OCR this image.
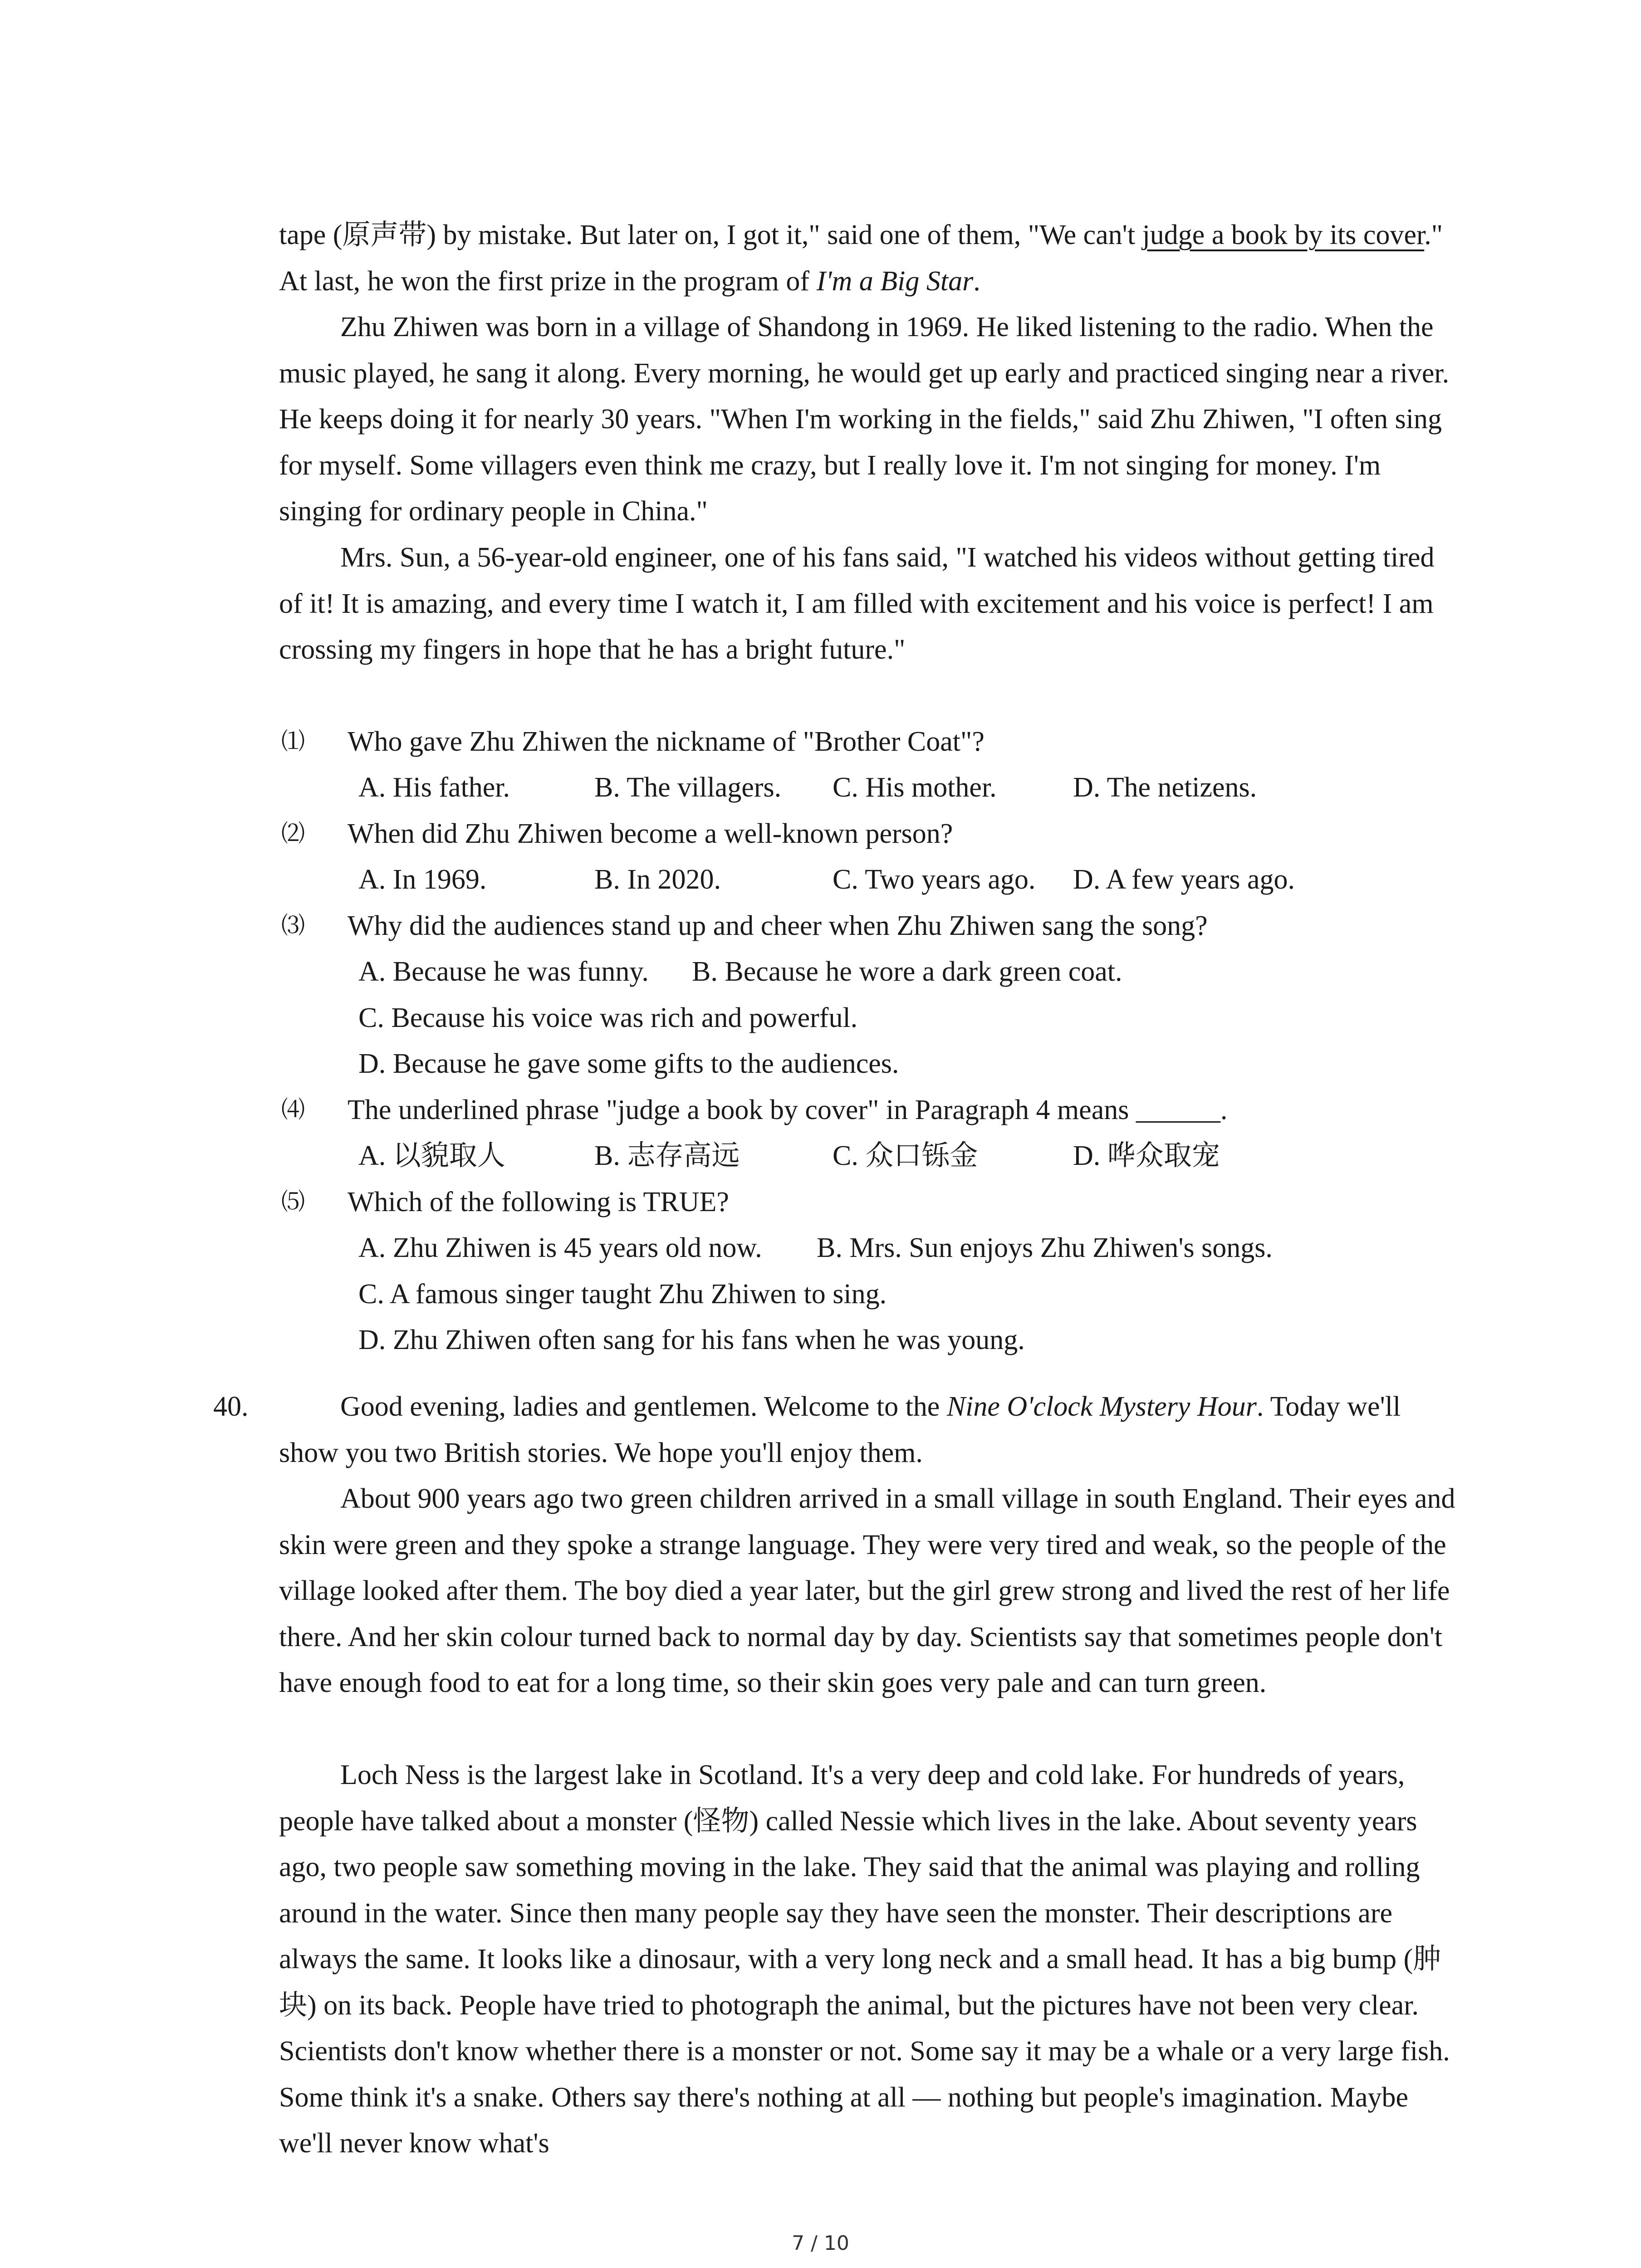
tape (原声带) by mistake. But later on, I got it," said one of them, "We can't judge a book by its cover." At last, he won the first prize in the program of I'm a Big Star.

Zhu Zhiwen was born in a village of Shandong in 1969. He liked listening to the radio. When the music played, he sang it along. Every morning, he would get up early and practiced singing near a river. He keeps doing it for nearly 30 years. "When I'm working in the fields," said Zhu Zhiwen, "I often sing for myself. Some villagers even think me crazy, but I really love it. I'm not singing for money. I'm singing for ordinary people in China."

Mrs. Sun, a 56-year-old engineer, one of his fans said, "I watched his videos without getting tired of it! It is amazing, and every time I watch it, I am filled with excitement and his voice is perfect! I am crossing my fingers in hope that he has a bright future."

⑴ Who gave Zhu Zhiwen the nickname of "Brother Coat"?
A. His father.	B. The villagers. C. His mother.	D. The netizens.
⑵ When did Zhu Zhiwen become a well-known person?
A. In 1969.	B. In 2020.	C. Two years ago. D. A few years ago.
⑶ Why did the audiences stand up and cheer when Zhu Zhiwen sang the song?
A. Because he was funny. B. Because he wore a dark green coat.
C. Because his voice was rich and powerful.
D. Because he gave some gifts to the audiences.
⑷ The underlined phrase "judge a book by cover" in Paragraph 4 means ______.
A. 以貌取人	B. 志存高远	C. 众口铄金	D. 哗众取宠
⑸ Which of the following is TRUE?
A. Zhu Zhiwen is 45 years old now. B. Mrs. Sun enjoys Zhu Zhiwen's songs.
C. A famous singer taught Zhu Zhiwen to sing.
D. Zhu Zhiwen often sang for his fans when he was young.
40.	Good evening, ladies and gentlemen. Welcome to the Nine O'clock Mystery Hour. Today we'll show you two British stories. We hope you'll enjoy them.

About 900 years ago two green children arrived in a small village in south England. Their eyes and skin were green and they spoke a strange language. They were very tired and weak, so the people of the village looked after them. The boy died a year later, but the girl grew strong and lived the rest of her life there. And her skin colour turned back to normal day by day. Scientists say that sometimes people don't have enough food to eat for a long time, so their skin goes very pale and can turn green.

Loch Ness is the largest lake in Scotland. It's a very deep and cold lake. For hundreds of years, people have talked about a monster (怪物) called Nessie which lives in the lake. About seventy years ago, two people saw something moving in the lake. They said that the animal was playing and rolling around in the water. Since then many people say they have seen the monster. Their descriptions are always the same. It looks like a dinosaur, with a very long neck and a small head. It has a big bump (肿块) on its back. People have tried to photograph the animal, but the pictures have not been very clear. Scientists don't know whether there is a monster or not. Some say it may be a whale or a very large fish. Some think it's a snake. Others say there's nothing at all — nothing but people's imagination. Maybe we'll never know what's

7 / 10
